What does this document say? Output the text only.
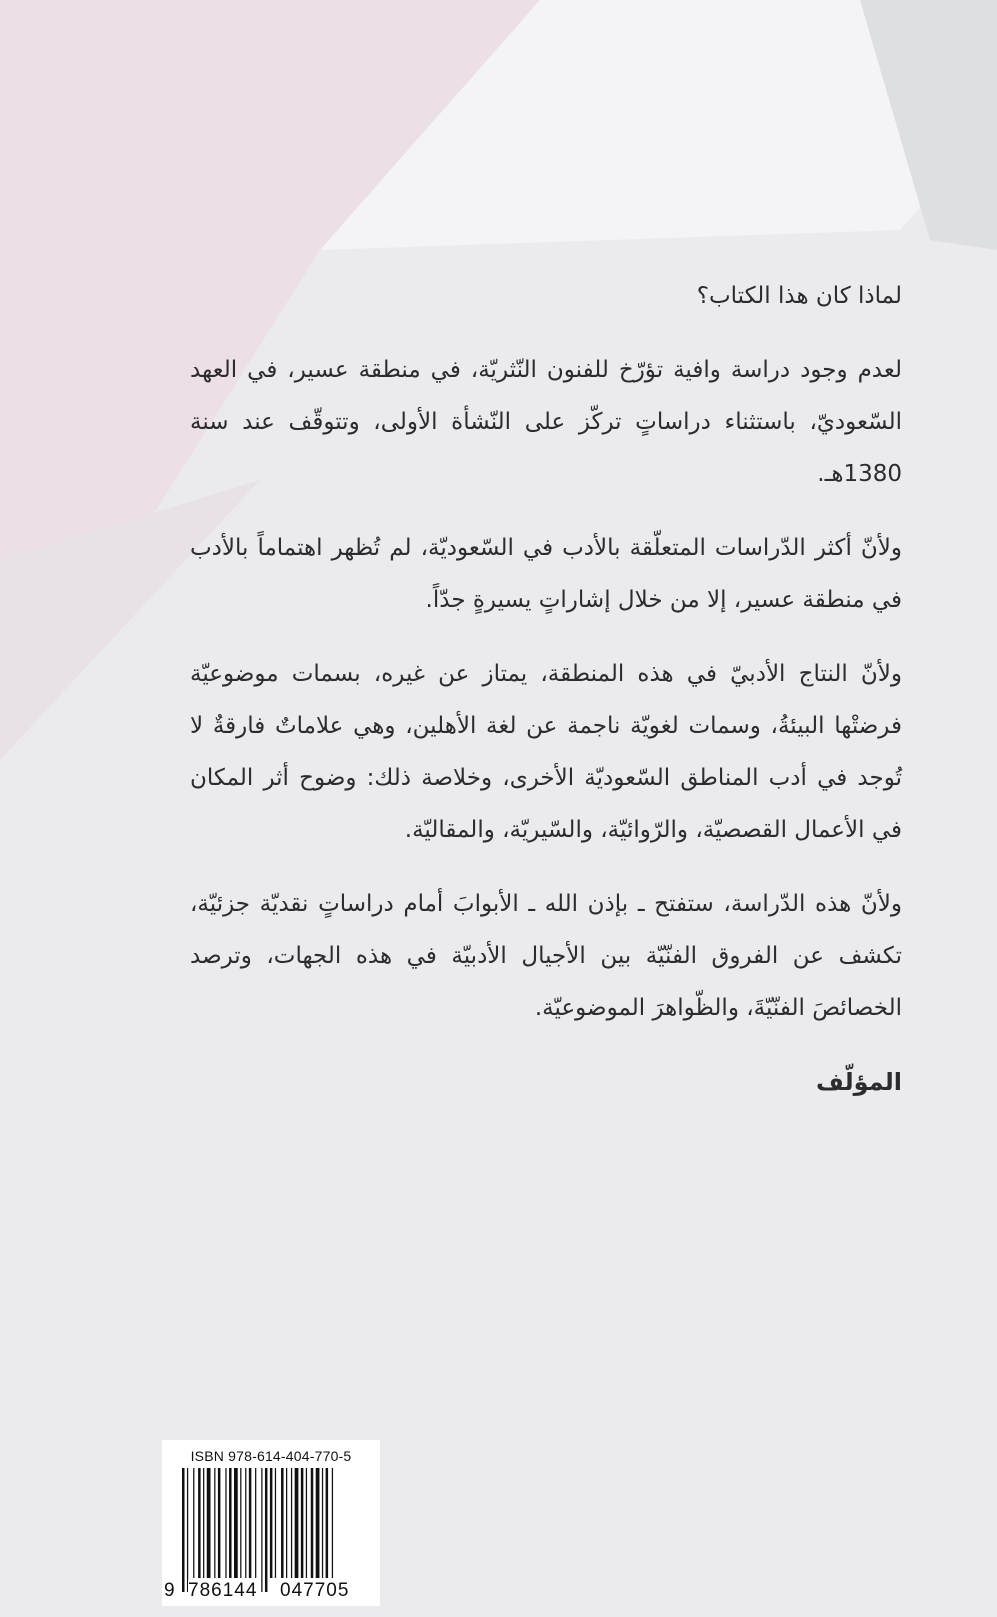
لماذا كان هذا الكتاب؟
لعدم وجود دراسة وافية تؤرّخ للفنون النّثريّة، في منطقة عسير، في العهد السّعوديّ، باستثناء دراساتٍ تركّز على النّشأة الأولى، وتتوقّف عند سنة 1380هـ.
ولأنّ أكثر الدّراسات المتعلّقة بالأدب في السّعوديّة، لم تُظهر اهتماماً بالأدب في منطقة عسير، إلا من خلال إشاراتٍ يسيرةٍ جدّاً.
ولأنّ النتاج الأدبيّ في هذه المنطقة، يمتاز عن غيره، بسمات موضوعيّة فرضتْها البيئةُ، وسمات لغويّة ناجمة عن لغة الأهلين، وهي علاماتٌ فارقةٌ لا تُوجد في أدب المناطق السّعوديّة الأخرى، وخلاصة ذلك: وضوح أثر المكان في الأعمال القصصيّة، والرّوائيّة، والسّيريّة، والمقاليّة.
ولأنّ هذه الدّراسة، ستفتح ـ بإذن الله ـ الأبوابَ أمام دراساتٍ نقديّة جزئيّة، تكشف عن الفروق الفنّيّة بين الأجيال الأدبيّة في هذه الجهات، وترصد الخصائصَ الفنّيّةَ، والظّواهرَ الموضوعيّة.
المؤلّف
ISBN 978-614-404-770-5
9 786144 047705
